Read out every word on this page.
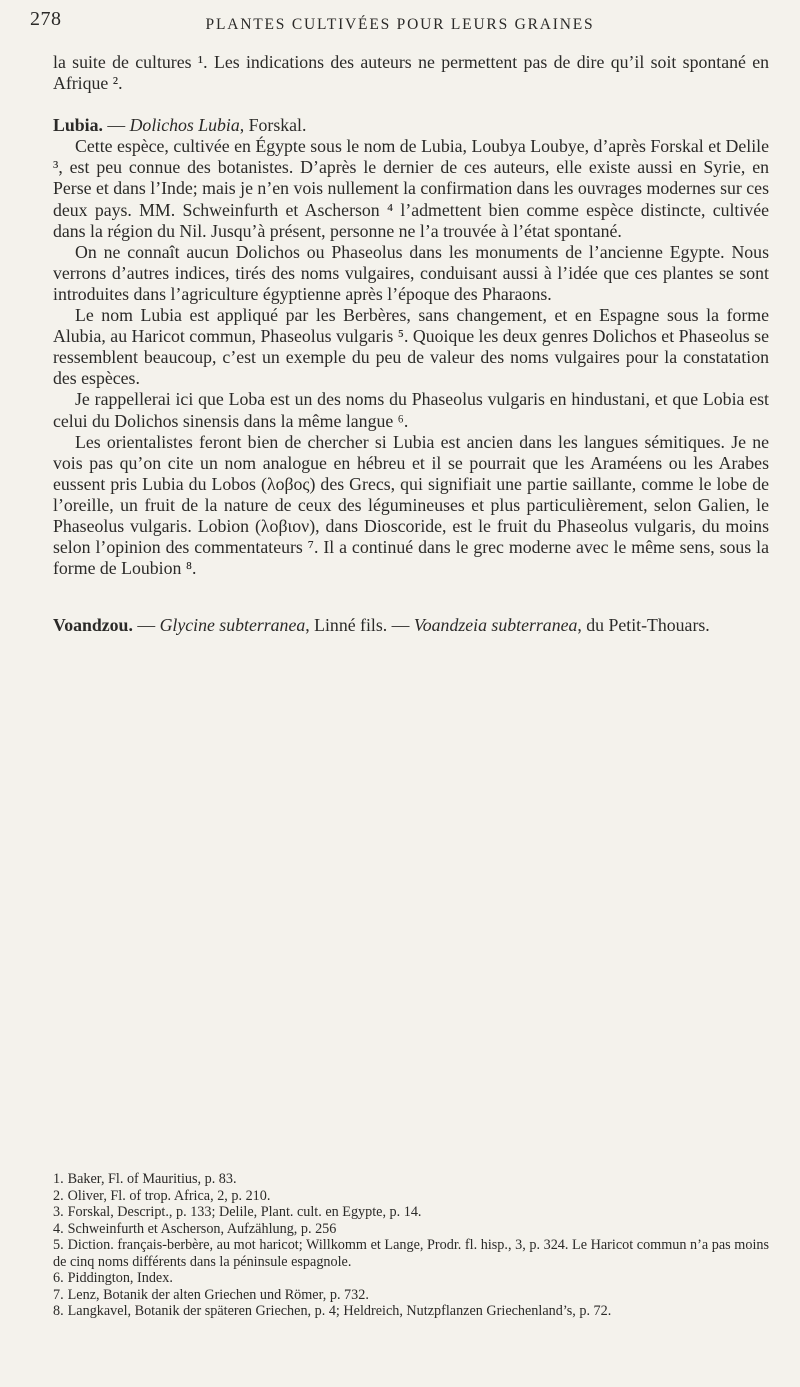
278	PLANTES CULTIVÉES POUR LEURS GRAINES

la suite de cultures ¹. Les indications des auteurs ne permettent pas de dire qu’il soit spontané en Afrique ².

Lubia. — Dolichos Lubia, Forskal.

Cette espèce, cultivée en Égypte sous le nom de Lubia, Loubya Loubye, d’après Forskal et Delile ³, est peu connue des botanistes. D’après le dernier de ces auteurs, elle existe aussi en Syrie, en Perse et dans l’Inde; mais je n’en vois nullement la confirmation dans les ouvrages modernes sur ces deux pays. MM. Schweinfurth et Ascherson ⁴ l’admettent bien comme espèce distincte, cultivée dans la région du Nil. Jusqu’à présent, personne ne l’a trouvée à l’état spontané.

On ne connaît aucun Dolichos ou Phaseolus dans les monuments de l’ancienne Egypte. Nous verrons d’autres indices, tirés des noms vulgaires, conduisant aussi à l’idée que ces plantes se sont introduites dans l’agriculture égyptienne après l’époque des Pharaons.

Le nom Lubia est appliqué par les Berbères, sans changement, et en Espagne sous la forme Alubia, au Haricot commun, Phaseolus vulgaris ⁵. Quoique les deux genres Dolichos et Phaseolus se ressemblent beaucoup, c’est un exemple du peu de valeur des noms vulgaires pour la constatation des espèces.

Je rappellerai ici que Loba est un des noms du Phaseolus vulgaris en hindustani, et que Lobia est celui du Dolichos sinensis dans la même langue ⁶.

Les orientalistes feront bien de chercher si Lubia est ancien dans les langues sémitiques. Je ne vois pas qu’on cite un nom analogue en hébreu et il se pourrait que les Araméens ou les Arabes eussent pris Lubia du Lobos (λοβος) des Grecs, qui signifiait une partie saillante, comme le lobe de l’oreille, un fruit de la nature de ceux des légumineuses et plus particulièrement, selon Galien, le Phaseolus vulgaris. Lobion (λοβιον), dans Dioscoride, est le fruit du Phaseolus vulgaris, du moins selon l’opinion des commentateurs ⁷. Il a continué dans le grec moderne avec le même sens, sous la forme de Loubion ⁸.

Voandzou. — Glycine subterranea, Linné fils. — Voandzeia subterranea, du Petit-Thouars.

1. Baker, Fl. of Mauritius, p. 83.

2. Oliver, Fl. of trop. Africa, 2, p. 210.

3. Forskal, Descript., p. 133; Delile, Plant. cult. en Egypte, p. 14.

4. Schweinfurth et Ascherson, Aufzählung, p. 256

5. Diction. français-berbère, au mot haricot; Willkomm et Lange, Prodr. fl. hisp., 3, p. 324. Le Haricot commun n’a pas moins de cinq noms différents dans la péninsule espagnole.

6. Piddington, Index.

7. Lenz, Botanik der alten Griechen und Römer, p. 732.

8. Langkavel, Botanik der späteren Griechen, p. 4; Heldreich, Nutzpflanzen Griechenland’s, p. 72.
